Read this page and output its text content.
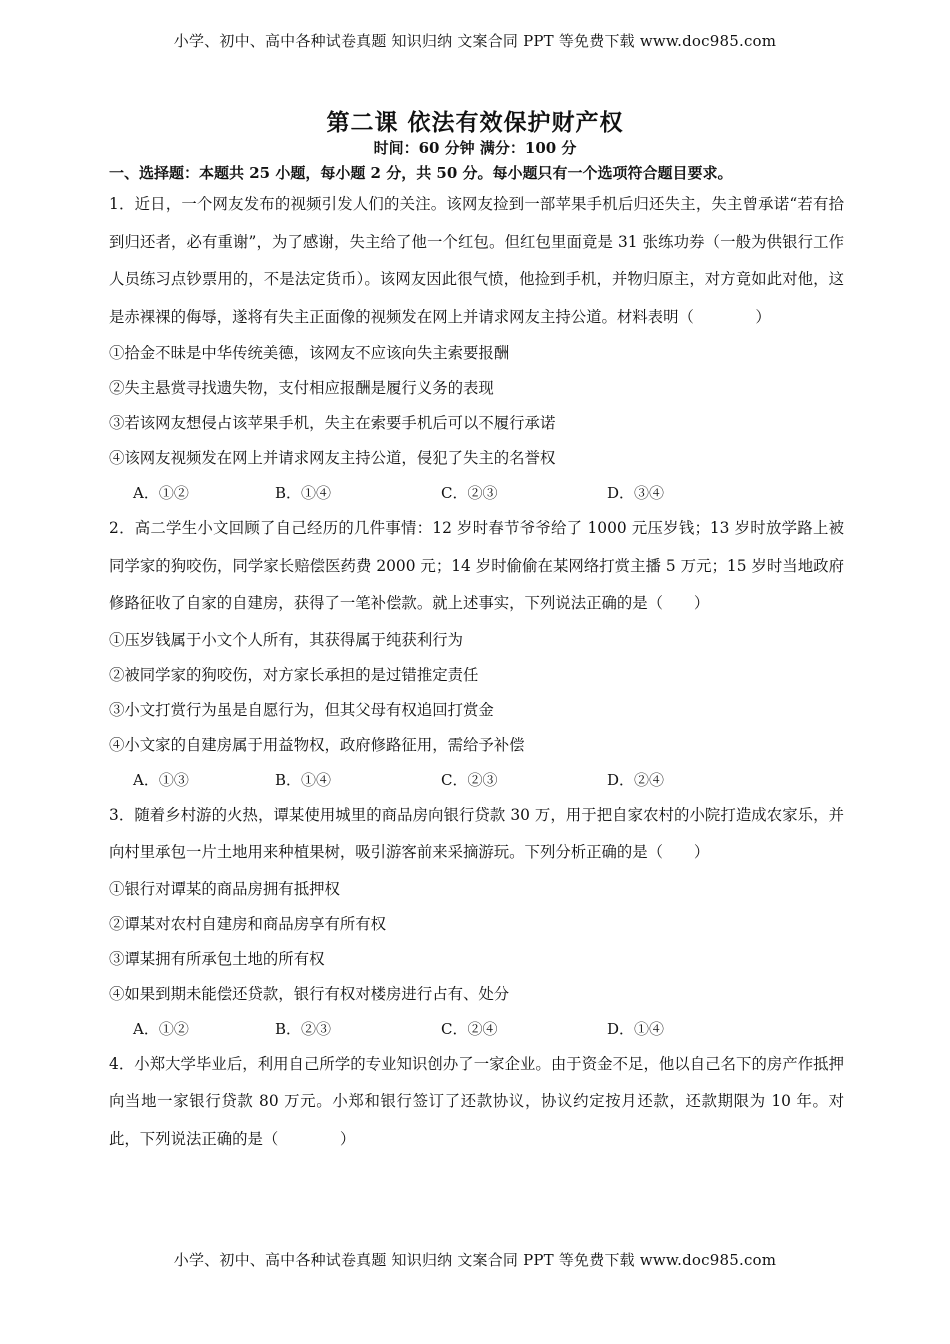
小学、初中、高中各种试卷真题 知识归纳 文案合同 PPT 等免费下载 www.doc985.com
第二课 依法有效保护财产权
时间：60 分钟 满分：100 分

一、选择题：本题共 25 小题，每小题 2 分，共 50 分。每小题只有一个选项符合题目要求。

1．近日，一个网友发布的视频引发人们的关注。该网友捡到一部苹果手机后归还失主，失主曾承诺“若有拾到归还者，必有重谢”，为了感谢，失主给了他一个红包。但红包里面竟是 31 张练功券（一般为供银行工作人员练习点钞票用的，不是法定货币）。该网友因此很气愤，他捡到手机，并物归原主，对方竟如此对他，这是赤裸裸的侮辱，遂将有失主正面像的视频发在网上并请求网友主持公道。材料表明（　　　　）

①拾金不昧是中华传统美德，该网友不应该向失主索要报酬

②失主悬赏寻找遗失物，支付相应报酬是履行义务的表现

③若该网友想侵占该苹果手机，失主在索要手机后可以不履行承诺

④该网友视频发在网上并请求网友主持公道，侵犯了失主的名誉权

A．①②	B．①④	C．②③	D．③④

2．高二学生小文回顾了自己经历的几件事情：12 岁时春节爷爷给了 1000 元压岁钱；13 岁时放学路上被同学家的狗咬伤，同学家长赔偿医药费 2000 元；14 岁时偷偷在某网络打赏主播 5 万元；15 岁时当地政府修路征收了自家的自建房，获得了一笔补偿款。就上述事实，下列说法正确的是（　　）

①压岁钱属于小文个人所有，其获得属于纯获利行为

②被同学家的狗咬伤，对方家长承担的是过错推定责任

③小文打赏行为虽是自愿行为，但其父母有权追回打赏金

④小文家的自建房属于用益物权，政府修路征用，需给予补偿

A．①③	B．①④	C．②③	D．②④

3．随着乡村游的火热，谭某使用城里的商品房向银行贷款 30 万，用于把自家农村的小院打造成农家乐，并向村里承包一片土地用来种植果树，吸引游客前来采摘游玩。下列分析正确的是（　　）

①银行对谭某的商品房拥有抵押权

②谭某对农村自建房和商品房享有所有权

③谭某拥有所承包土地的所有权

④如果到期未能偿还贷款，银行有权对楼房进行占有、处分

A．①②	B．②③	C．②④	D．①④

4．小郑大学毕业后，利用自己所学的专业知识创办了一家企业。由于资金不足，他以自己名下的房产作抵押向当地一家银行贷款 80 万元。小郑和银行签订了还款协议，协议约定按月还款，还款期限为 10 年。对此，下列说法正确的是（　　　　）

小学、初中、高中各种试卷真题 知识归纳 文案合同 PPT 等免费下载 www.doc985.com
